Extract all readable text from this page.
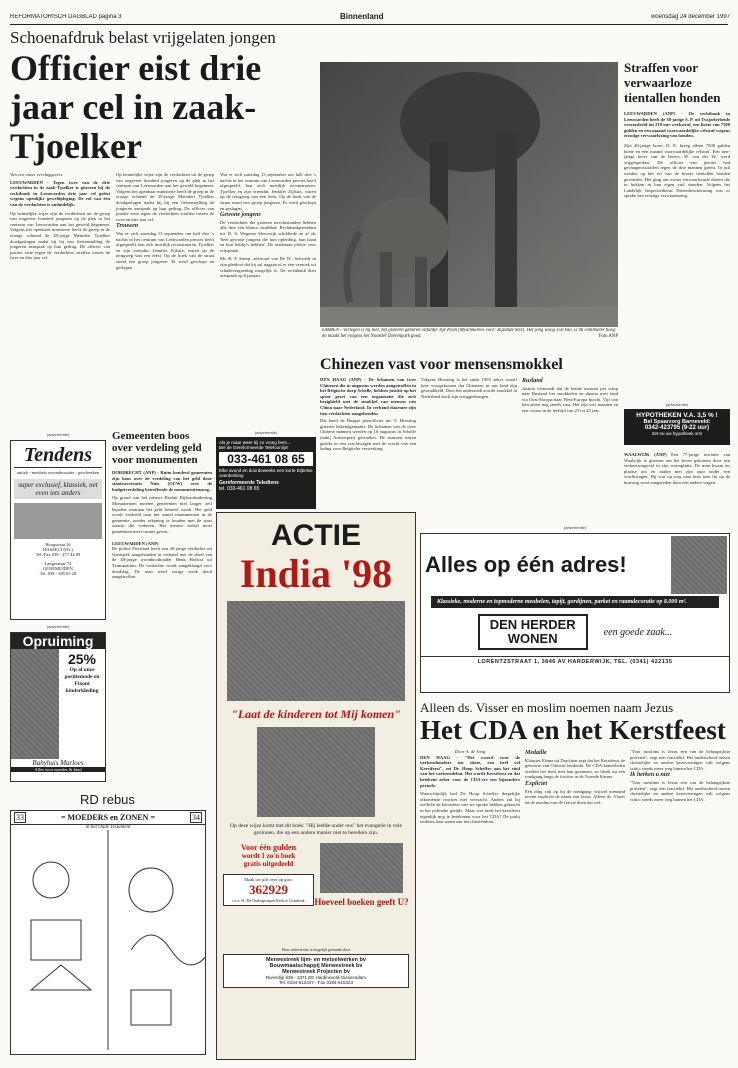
REFORMATORISCH DAGBLAD pagina 3	Binnenland	woensdag 24 december 1997
Schoenafdruk belast vrijgelaten jongen
Officier eist drie jaar cel in zaak-Tjoelker
Van een onzer verslaggevers
LEEUWARDEN - Tegen twee van de drie verdachten in de zaak-Tjoelker is gisteren bij de rechtbank in Leeuwarden drie jaar cel geëist wegens openlijke geweldpleging. De rol van één van de verdachten is onduidelijk.
Op heimelijke wijze zijn de verdachten uit de groep van ongeveer honderd jongeren op de plek in het centrum van Leeuwarden aan het geweld begonnen. Volgens het openbaar ministerie heeft de groep in de vroege ochtend de 28-jarige Meindert Tjoelker doodgeslagen nadat hij bij een fietsenstalling de jongeren aansprak op hun gedrag. De officier van justitie eiste tegen de verdachten straffen tussen de twee en drie jaar cel.
Op heimelijke wijze zijn de verdachten uit de groep van ongeveer honderd jongeren op de plek in het centrum van Leeuwarden aan het geweld begonnen. Volgens het openbaar ministerie heeft de groep in de vroege ochtend de 28-jarige Meindert Tjoelker doodgeslagen nadat hij bij een fietsenstalling de jongeren aansprak op hun gedrag. De officier van justitie eiste tegen de verdachten straffen tussen de twee en drie jaar cel.
Trouwen
Wat er zich zaterdag 13 september om half drie 's nachts in het centrum van Leeuwarden precies heeft afgespeeld, laat zich moeilijk reconstrueren. Tjoelker en zijn vriendin, Jennifer Zijlstra, waren op de terugweg van een feest. Op de hoek van de straat stond een groep jongeren. Er werd geschopt en geslagen.
Wat er zich zaterdag 13 september om half drie 's nachts in het centrum van Leeuwarden precies heeft afgespeeld, laat zich moeilijk reconstrueren. Tjoelker en zijn vriendin, Jennifer Zijlstra, waren op de terugweg van een feest. Op de hoek van de straat stond een groep jongeren. Er werd geschopt en geslagen.
Gewone jongens
De verdachten die gisteren terechtstonden hebben alle drie een blanco strafblad. Rechtbankpresident mr. R. S. Wegener Sleeswijk schilderde ze af als 'heel gewone jongens die hun opleiding, hun baan en hun hobby's hebben'. De raadsman pleitte voor vrijspraak.
Mr. R. P. Sneep, advocaat van De W., beloofde in zijn pleidooi dat hij zal nagaan of er een verzoek tot schadevergoeding mogelijk is. De rechtbank doet uitspraak op 6 januari.
EMMEN - Verlegen is hij niet, het gisteren geboren olifantje Tije Pyan (Myanmarees voor: Rijzende Ster). Het jong woog 150 kilo, is 96 centimeter hoog en maakt het volgens het Noorder Dierenpark goed.	Foto ANP
Straffen voor verwaarloze tientallen honden
LEEUWARDEN (ANP) - De rechtbank in Leeuwarden heeft de 38-jarige S. P. uit Twijzelerheide veroordeeld tot 210 uur werkstraf, een boete van 7500 gulden en een maand voorwaardelijke celstraf wegens ernstige verwaarlozing van honden.
Zijn 46-jarige broer, D. P., kreeg alleen 7500 gulden boete en een maand voorwaardelijke celstraf. Een tien-jarige broer van de broers, W. van der W., werd vrijgesproken. De officier van justitie had gevangenisstraffen tegen de drie mannen geëist. In juli werden op het erf van de broers tientallen honden gevonden. Het ging om zwaar verwaarloosde dieren die in hokken in hun eigen vuil stonden. Volgens het Landelijk Inspectiedienst Dierenbescherming was er sprake van ernstige verwaarlozing.
(advertentie)
HYPOTHEKEN V.A. 3,5 % !
Bel Spaarzorg Barneveld:
0342-423795 (9-22 uur)
Zet nu uw hypotheek om!
WAALWIJK (ANP) Een 77-jarige inwoner van Waalwijk is gisteren om het leven gekomen door een verkeersongeval in zijn woonplaats. De man kwam ter plaatse om en raakte met zijn auto onder een vrachtwagen. Hij was op weg naar huis toen hij op de kruising werd aangereden door een andere wagen.
Chinezen vast voor mensensmokkel
DEN HAAG (ANP) - De Schamen van twee Chinezen die in augustus werden aangetroffen in het Belgische dorp Schelle, hebben justitie op het spoor gezet van een organisatie die zich bezighield met de smokkel van mensen van China naar Nederland. In verband daarmee zijn tien verdachten aangehouden.
Dat heeft de Haagse persofficier mr. S. Horsting gisteren bekendgemaakt. De lichamen van de twee Chinese mannen werden op 16 augustus in Schelle (nabij Antwerpen) gevonden. De mannen waren gestikt in een vrachtwagen met de vracht van een lading voor Belgische verwerking.
Volgens Horsting is het sinds 1993 zeker twaalf keer voorgekomen dat Chinezen in ons land zijn gesmokkeld. Door het onderzoek zou de smokkel in Nederland sterk zijn teruggedrongen.
Rusland
Justitie vermoedt dat de bende mensen per schip naar Rusland liet smokkelen en daarna over land via Oost-Europa naar West-Europa bracht. Vijf van hen zitten nog steeds vast. Het zijn vier mannen en een vrouw in de leeftijd van 25 tot 45 jaar.
(advertentie)
Tendens
antiek - meubels woondecoratie - geschenken
super exclusief, klassiek, net even iets anders
Hoogstraat 16
HASSELT (Ov.)
Tel./Fax 038 - 477 44 09
Langestraat 74
GENEMUIDEN
Tel. 038 - 385 65 28
(advertentie)
Opruiming
25%
Op al onze positiemode en Fixoni kinderkleding
Babyhuis Marloes
Alles voor moeder & kind
RD rebus
33	= MOEDERS en ZONEN =	34
in het Oude Testament
Gemeenten boos over verdeling geld voor monumenten
DORDRECHT (ANP) - Ruim honderd gemeenten zijn boos over de verdeling van het geld door staatssecretaris Nuis (OCW) over de budgetverdeling betreffende de monumentenzorg.
Op grond van het nieuwe Besluit Rijkssubsidiering Monumenten moeten gemeenten niet langer zelf bepalen waaraan het geld besteed wordt. Het geld wordt verdeeld naar het aantal monumenten in de gemeente, zonder rekening te houden met de staat waarin die verkeren. Het nieuwe stelsel moet gemeenten meer ruimte geven.
LEEUWARDEN (ANP)
De politie Friesland heeft een 40-jarige verdachte uit Oentsjerk aangehouden in verband met de dood van de 48-jarige woonboothouder Henk Hofstra uit Tzummarum. De verdachte wordt aangeklaagd voor doodslag. De man werd vorige week dood aangetroffen.
(advertentie)
Als je maar weer bij zo vroeg bent...
Bel de Gereformeerde Telefoonlijn!
033-461 08 65
Elke avond en doordeweeks een korte Bijbelse overdenking
Gereformeerde Telediens
tel. 033-461 08 65
ACTIE
India '98
"Laat de kinderen tot Mij komen"
Op deze wijze komt met dit boek: "Hij leefde onder ons" het evangelie in vele gezinnen, die op een andere manier niet te bereiken zijn.
Voor één gulden
wordt 1 zo'n boek
gratis uitgedeeld
Maak uw gift over op giro:
362929
t.n.v. St. De Oudergroepen Kerk te Gouderak	Hoeveel boeken geeft U?
Deze advertentie is mogelijk gemaakt door
Merwestreek lijm- en metselwerken bv
Bouwmaatschappij Merwestreek bv
Merwestreek Projecten bv
Rivierdijk 636 - 3371 EE Hardinxveld-Giessendam
Tel. 0184-612347 - Fax 0184-615323
(advertentie)
Alles op één adres!
Klassieke, moderne en topmoderne meubelen, tapijt, gordijnen, parket en raamdecoratie op 8.000 m².
DEN HERDER WONEN	een goede zaak...
LORENTZSTRAAT 1, 3846 AV HARDERWIJK, TEL. (0341) 422135
Alleen ds. Visser en moslim noemen naam Jezus
Het CDA en het Kerstfeest
Door A. de Jong
DEN HAAG - "Het woord voor de varkenshouders ten slotte, een heel vol Kerstfeest", zei Dr. Hoop Scheffer aan het eind van het varkensdebat. Het wordt Kerstfeest en dat betekent zeker voor de CDA'ers een bijzondere periode.
Waarschijnlijk had De Hoop Scheffer dergelijke afkomende reacties niet verwacht. Anders zal hij wellicht de kerstsfeer niet ter sprake hebben gebracht in het politieke getijde. Maar wat heeft het kerstfeest eigenlijk nog te betekenen voor het CDA? De partij ontleent haar naam aan het christendom.
Medaille
Klaasjes Elsma uit Drachten zegt dat het Kerstfeest de geboorte van Christus herdenkt. De CDA-kamerleden vierden het feest met hun gezinnen, zo bleek uit een rondgang langs de fracties in de Tweede Kamer.
Expliciet
Eén ding valt op bij de rondgang: vrijwel niemand noemt expliciet de naam van Jezus. Alleen ds. Visser en de moslim van de fractie doen dat wel.
"Voor moslims is Jezus een van de belangrijkste profeten", zegt een fractielid. Het onderscheid tussen christelijke en andere kerstvieringen valt volgens critici steeds meer weg binnen het CDA.
Ik herken u niet
"Voor moslims is Jezus een van de belangrijkste profeten", zegt een fractielid. Het onderscheid tussen christelijke en andere kerstvieringen valt volgens critici steeds meer weg binnen het CDA.
